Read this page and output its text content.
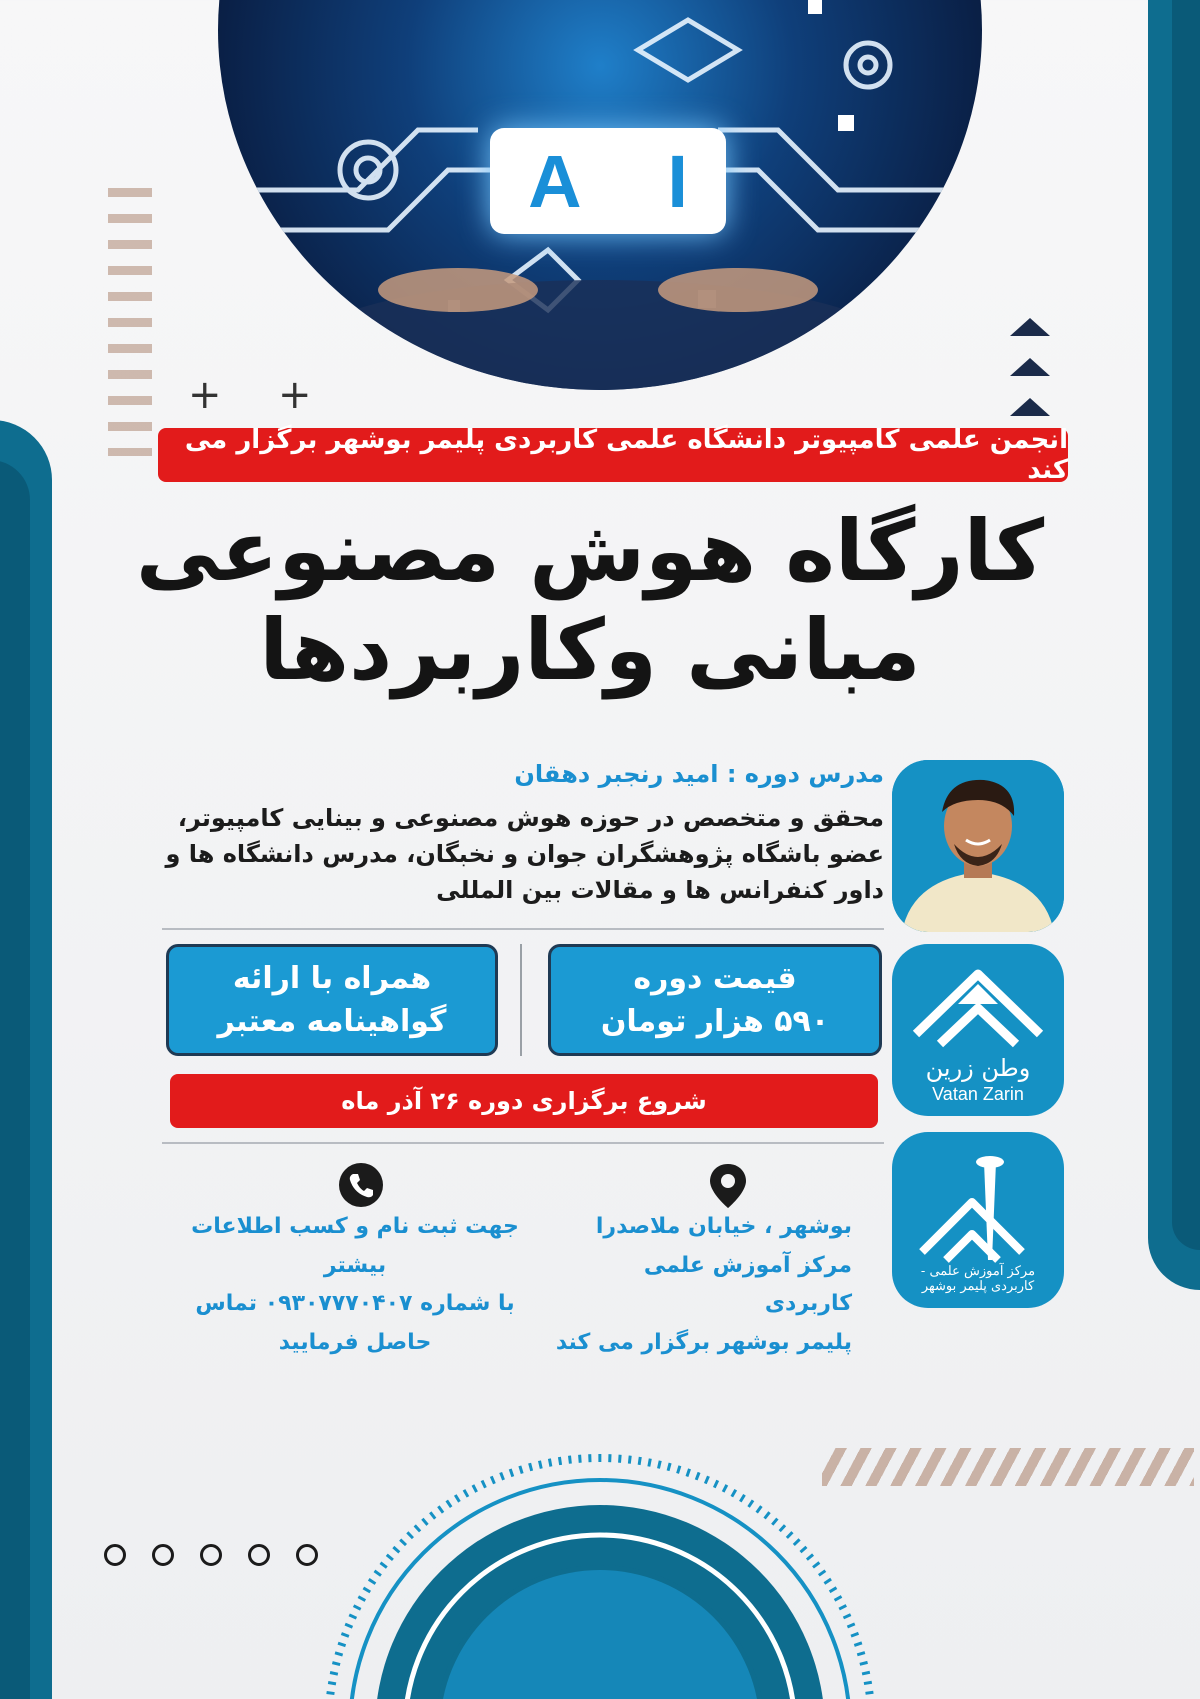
A I
+ +
انجمن علمی کامپیوتر دانشگاه علمی کاربردی پلیمر بوشهر برگزار می کند
کارگاه هوش مصنوعی
مبانی وکاربردها
مدرس دوره : امید رنجبر دهقان
محقق و متخصص در حوزه هوش مصنوعی و بینایی کامپیوتر،
عضو باشگاه پژوهشگران جوان و نخبگان، مدرس دانشگاه ها و
داور کنفرانس ها و مقالات بین المللی
وطن زرین
Vatan Zarin
قیمت دوره
۵۹۰ هزار تومان
همراه با ارائه
گواهینامه معتبر
شروع برگزاری دوره ۲۶ آذر ماه
مرکز آموزش علمی - کاربردی پلیمر بوشهر
بوشهر ، خیابان ملاصدرا
مرکز آموزش علمی کاربردی
پلیمر بوشهر برگزار می کند
جهت ثبت نام و کسب اطلاعات بیشتر
با شماره ۰۹۳۰۷۷۷۰۴۰۷ تماس
حاصل فرمایید
